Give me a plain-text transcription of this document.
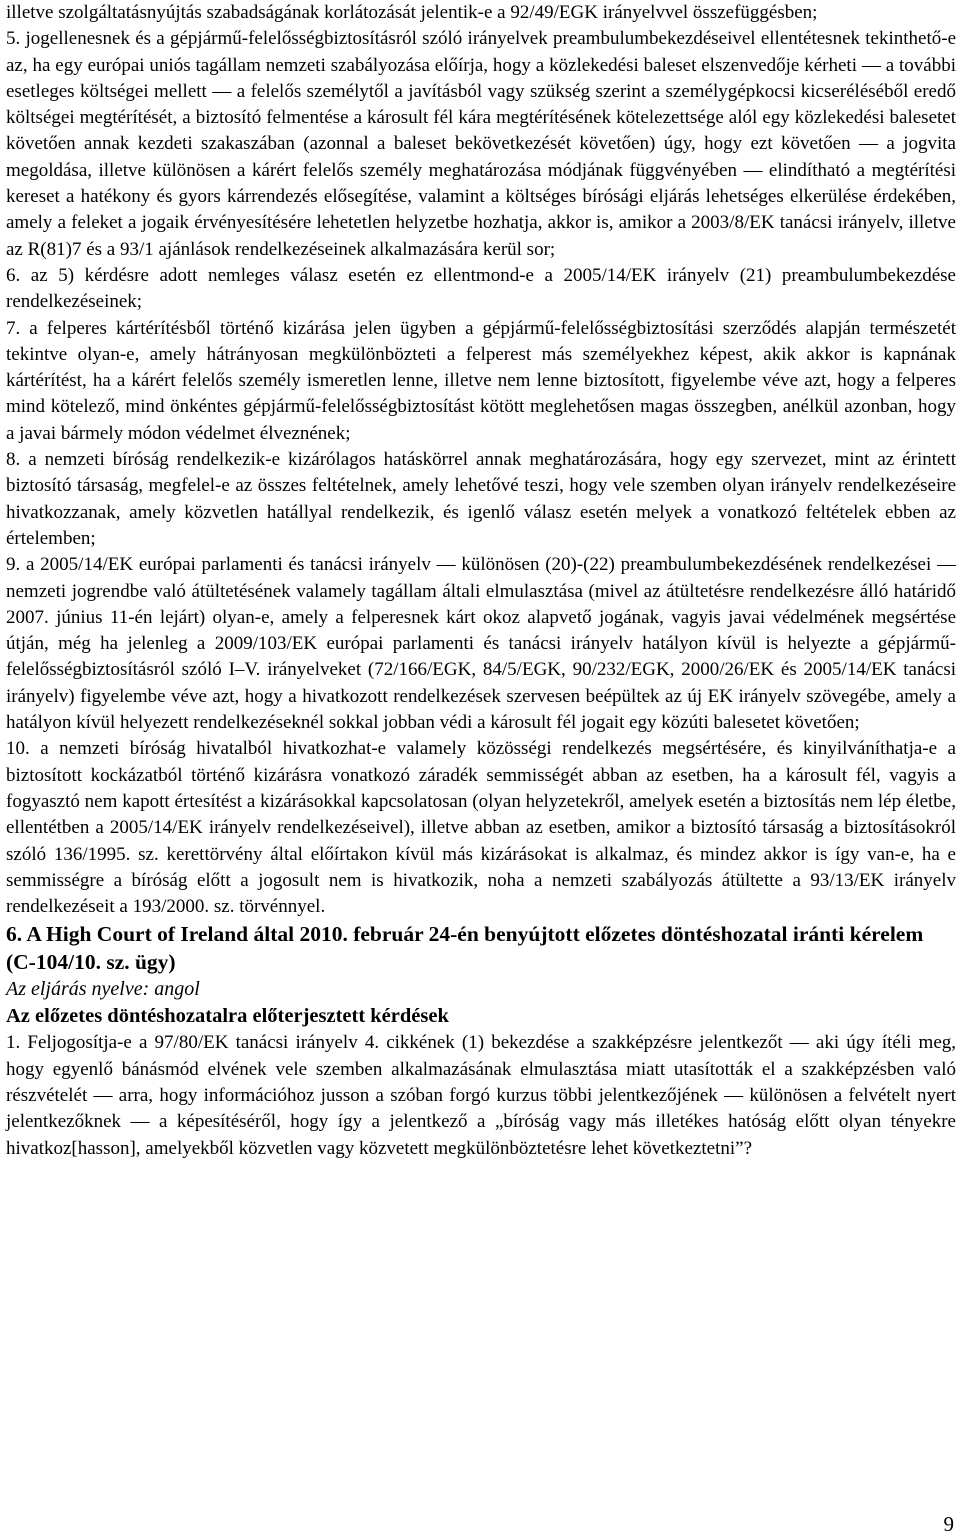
illetve szolgáltatásnyújtás szabadságának korlátozását jelentik-e a 92/49/EGK irányelvvel összefüggésben;

5. jogellenesnek és a gépjármű-felelősségbiztosításról szóló irányelvek preambulumbekezdéseivel ellentétesnek tekinthető-e az, ha egy európai uniós tagállam nemzeti szabályozása előírja, hogy a közlekedési baleset elszenvedője kérheti — a további esetleges költségei mellett — a felelős személytől a javításból vagy szükség szerint a személygépkocsi kicseréléséből eredő költségei megtérítését, a biztosító felmentése a károsult fél kára megtérítésének kötelezettsége alól egy közlekedési balesetet követően annak kezdeti szakaszában (azonnal a baleset bekövetkezését követően) úgy, hogy ezt követően — a jogvita megoldása, illetve különösen a kárért felelős személy meghatározása módjának függvényében — elindítható a megtérítési kereset a hatékony és gyors kárrendezés elősegítése, valamint a költséges bírósági eljárás lehetséges elkerülése érdekében, amely a feleket a jogaik érvényesítésére lehetetlen helyzetbe hozhatja, akkor is, amikor a 2003/8/EK tanácsi irányelv, illetve az R(81)7 és a 93/1 ajánlások rendelkezéseinek alkalmazására kerül sor;

6. az 5) kérdésre adott nemleges válasz esetén ez ellentmond-e a 2005/14/EK irányelv (21) preambulumbekezdése rendelkezéseinek;

7. a felperes kártérítésből történő kizárása jelen ügyben a gépjármű-felelősségbiztosítási szerződés alapján természetét tekintve olyan-e, amely hátrányosan megkülönbözteti a felperest más személyekhez képest, akik akkor is kapnának kártérítést, ha a kárért felelős személy ismeretlen lenne, illetve nem lenne biztosított, figyelembe véve azt, hogy a felperes mind kötelező, mind önkéntes gépjármű-felelősségbiztosítást kötött meglehetősen magas összegben, anélkül azonban, hogy a javai bármely módon védelmet élveznének;

8. a nemzeti bíróság rendelkezik-e kizárólagos hatáskörrel annak meghatározására, hogy egy szervezet, mint az érintett biztosító társaság, megfelel-e az összes feltételnek, amely lehetővé teszi, hogy vele szemben olyan irányelv rendelkezéseire hivatkozzanak, amely közvetlen hatállyal rendelkezik, és igenlő válasz esetén melyek a vonatkozó feltételek ebben az értelemben;

9. a 2005/14/EK európai parlamenti és tanácsi irányelv — különösen (20)-(22) preambulumbekezdésének rendelkezései — nemzeti jogrendbe való átültetésének valamely tagállam általi elmulasztása (mivel az átültetésre rendelkezésre álló határidő 2007. június 11-én lejárt) olyan-e, amely a felperesnek kárt okoz alapvető jogának, vagyis javai védelmének megsértése útján, még ha jelenleg a 2009/103/EK európai parlamenti és tanácsi irányelv hatályon kívül is helyezte a gépjármű-felelősségbiztosításról szóló I–V. irányelveket (72/166/EGK, 84/5/EGK, 90/232/EGK, 2000/26/EK és 2005/14/EK tanácsi irányelv) figyelembe véve azt, hogy a hivatkozott rendelkezések szervesen beépültek az új EK irányelv szövegébe, amely a hatályon kívül helyezett rendelkezéseknél sokkal jobban védi a károsult fél jogait egy közúti balesetet követően;

10. a nemzeti bíróság hivatalból hivatkozhat-e valamely közösségi rendelkezés megsértésére, és kinyilváníthatja-e a biztosított kockázatból történő kizárásra vonatkozó záradék semmisségét abban az esetben, ha a károsult fél, vagyis a fogyasztó nem kapott értesítést a kizárásokkal kapcsolatosan (olyan helyzetekről, amelyek esetén a biztosítás nem lép életbe, ellentétben a 2005/14/EK irányelv rendelkezéseivel), illetve abban az esetben, amikor a biztosító társaság a biztosításokról szóló 136/1995. sz. kerettörvény által előírtakon kívül más kizárásokat is alkalmaz, és mindez akkor is így van-e, ha e semmisségre a bíróság előtt a jogosult nem is hivatkozik, noha a nemzeti szabályozás átültette a 93/13/EK irányelv rendelkezéseit a 193/2000. sz. törvénnyel.

6. A High Court of Ireland által 2010. február 24-én benyújtott előzetes döntéshozatal iránti kérelem (C-104/10. sz. ügy)

Az eljárás nyelve: angol

Az előzetes döntéshozatalra előterjesztett kérdések

1. Feljogosítja-e a 97/80/EK tanácsi irányelv 4. cikkének (1) bekezdése a szakképzésre jelentkezőt — aki úgy ítéli meg, hogy egyenlő bánásmód elvének vele szemben alkalmazásának elmulasztása miatt utasították el a szakképzésben való részvételét — arra, hogy információhoz jusson a szóban forgó kurzus többi jelentkezőjének — különösen a felvételt nyert jelentkezőknek — a képesítéséről, hogy így a jelentkező a „bíróság vagy más illetékes hatóság előtt olyan tényekre hivatkoz[hasson], amelyekből közvetlen vagy közvetett megkülönböztetésre lehet következtetni”?

9
